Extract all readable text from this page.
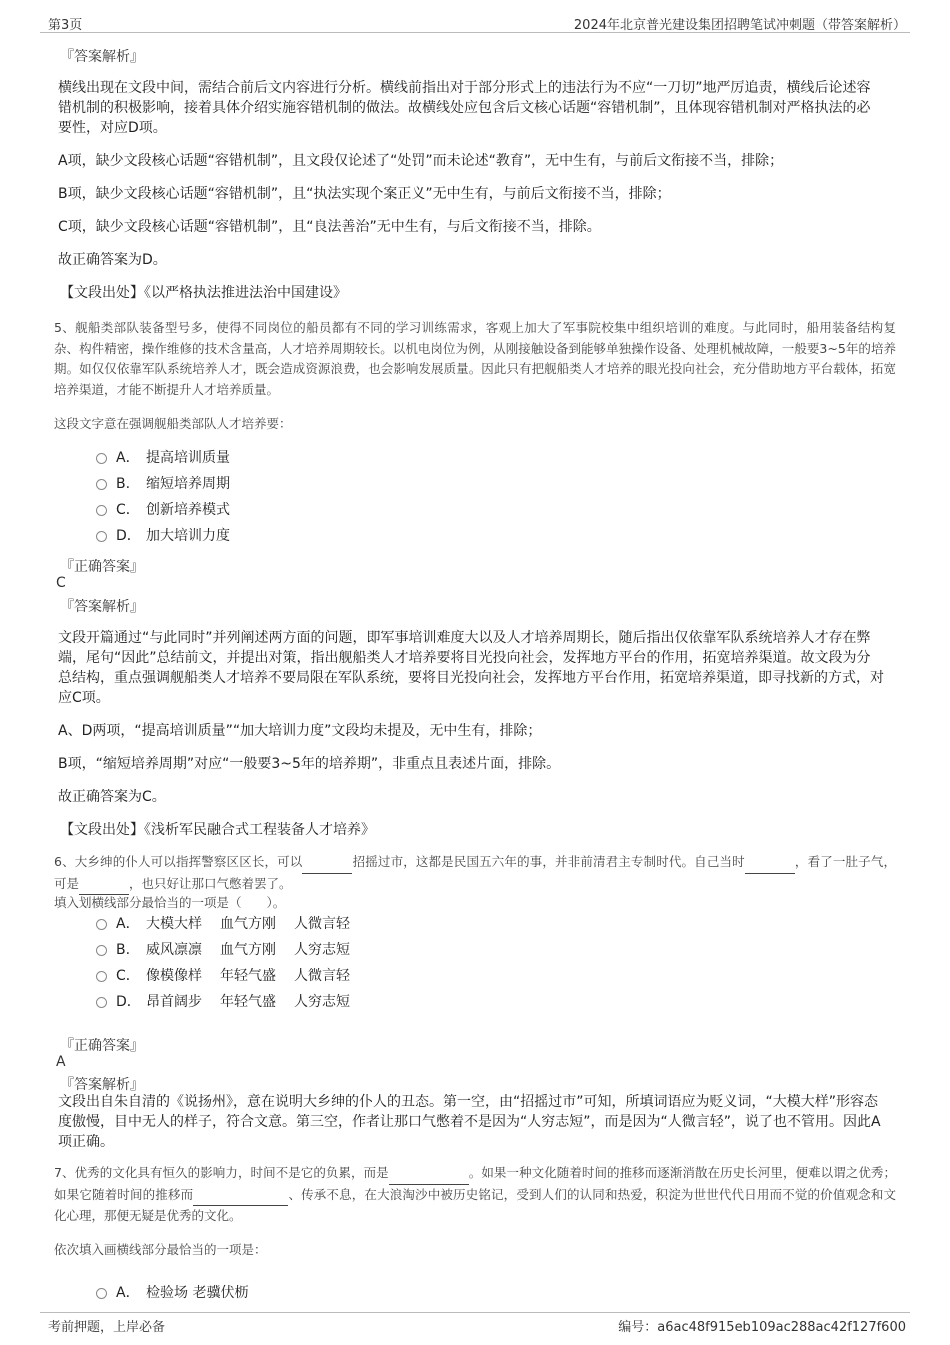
第3页	2024年北京普光建设集团招聘笔试冲刺题（带答案解析）
『答案解析』

横线出现在文段中间，需结合前后文内容进行分析。横线前指出对于部分形式上的违法行为不应“一刀切”地严厉追责，横线后论述容错机制的积极影响，接着具体介绍实施容错机制的做法。故横线处应包含后文核心话题“容错机制”，且体现容错机制对严格执法的必要性，对应D项。

A项，缺少文段核心话题“容错机制”，且文段仅论述了“处罚”而未论述“教育”，无中生有，与前后文衔接不当，排除；

B项，缺少文段核心话题“容错机制”，且“执法实现个案正义”无中生有，与前后文衔接不当，排除；

C项，缺少文段核心话题“容错机制”，且“良法善治”无中生有，与后文衔接不当，排除。

故正确答案为D。

【文段出处】《以严格执法推进法治中国建设》

5、舰船类部队装备型号多，使得不同岗位的船员都有不同的学习训练需求，客观上加大了军事院校集中组织培训的难度。与此同时，船用装备结构复杂、构件精密，操作维修的技术含量高，人才培养周期较长。以机电岗位为例，从刚接触设备到能够单独操作设备、处理机械故障，一般要3~5年的培养期。如仅仅依靠军队系统培养人才，既会造成资源浪费，也会影响发展质量。因此只有把舰船类人才培养的眼光投向社会，充分借助地方平台载体，拓宽培养渠道，才能不断提升人才培养质量。

这段文字意在强调舰船类部队人才培养要：
A． 提高培训质量
B.	缩短培养周期
C． 创新培养模式
D． 加大培训力度
『正确答案』
C
『答案解析』

文段开篇通过“与此同时”并列阐述两方面的问题，即军事培训难度大以及人才培养周期长，随后指出仅依靠军队系统培养人才存在弊端，尾句“因此”总结前文，并提出对策，指出舰船类人才培养要将目光投向社会，发挥地方平台的作用，拓宽培养渠道。故文段为分总结构，重点强调舰船类人才培养不要局限在军队系统，要将目光投向社会，发挥地方平台作用，拓宽培养渠道，即寻找新的方式，对应C项。

A、D两项，“提高培训质量”“加大培训力度”文段均未提及，无中生有，排除；

B项，“缩短培养周期”对应“一般要3~5年的培养期”，非重点且表述片面，排除。

故正确答案为C。

【文段出处】《浅析军民融合式工程装备人才培养》

6、大乡绅的仆人可以指挥警察区区长，可以	招摇过市，这都是民国五六年的事，并非前清君主专制时代。自己当时	，看了一肚子气，可是	，也只好让那口气憋着罢了。

填入划横线部分最恰当的一项是（　　）。

A． 大模大样 血气方刚 人微言轻
B.	威风凛凛 血气方刚 人穷志短
C． 像模像样 年轻气盛 人微言轻
D． 昂首阔步 年轻气盛 人穷志短
『正确答案』
A
『答案解析』

文段出自朱自清的《说扬州》，意在说明大乡绅的仆人的丑态。第一空，由“招摇过市”可知，所填词语应为贬义词，“大模大样”形容态度傲慢，目中无人的样子，符合文意。第三空，作者让那口气憋着不是因为“人穷志短”，而是因为“人微言轻”，说了也不管用。因此A项正确。

7、优秀的文化具有恒久的影响力，时间不是它的负累，而是	。如果一种文化随着时间的推移而逐渐消散在历史长河里，便难以谓之优秀；如果它随着时间的推移而	、传承不息，在大浪淘沙中被历史铭记，受到人们的认同和热爱，积淀为世世代代日用而不觉的价值观念和文化心理，那便无疑是优秀的文化。

依次填入画横线部分最恰当的一项是：
A． 检验场 老骥伏枥
考前押题，上岸必备	编号：a6ac48f915eb109ac288ac42f127f600
